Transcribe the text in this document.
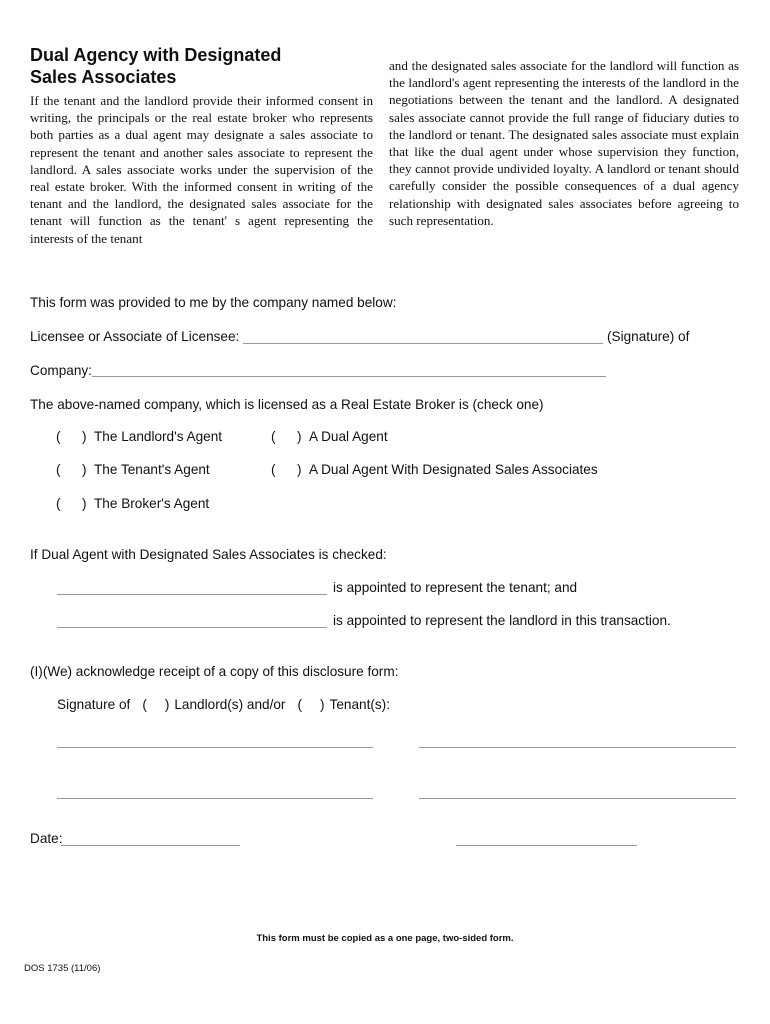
Dual Agency with Designated
Sales Associates

If the tenant and the landlord provide their informed consent in writing, the principals or the real estate broker who represents both parties as a dual agent may designate a sales associate to represent the tenant and another sales associate to represent the landlord. A sales associate works under the supervision of the real estate broker. With the informed consent in writing of the tenant and the landlord, the designated sales associate for the tenant will function as the tenant' s agent representing the interests of the tenant

and the designated sales associate for the landlord will function as the landlord's agent representing the interests of the landlord in the negotiations between the tenant and the landlord. A designated sales associate cannot provide the full range of fiduciary duties to the landlord or tenant. The designated sales associate must explain that like the dual agent under whose supervision they function, they cannot provide undivided loyalty. A landlord or tenant should carefully consider the possible consequences of a dual agency relationship with designated sales associates before agreeing to such representation.

This form was provided to me by the company named below:

Licensee or Associate of Licensee:	(Signature) of
Company:

The above-named company, which is licensed as a Real Estate Broker is (check one)

(	) The Landlord's Agent	(	) A Dual Agent
(	) The Tenant's Agent	(	) A Dual Agent With Designated Sales Associates
(	) The Broker's Agent

If Dual Agent with Designated Sales Associates is checked:

is appointed to represent the tenant; and
is appointed to represent the landlord in this transaction.

(I)(We) acknowledge receipt of a copy of this disclosure form:

Signature of ( ) Landlord(s) and/or ( ) Tenant(s):
Date:
This form must be copied as a one page, two-sided form.
DOS 1735 (11/06)
